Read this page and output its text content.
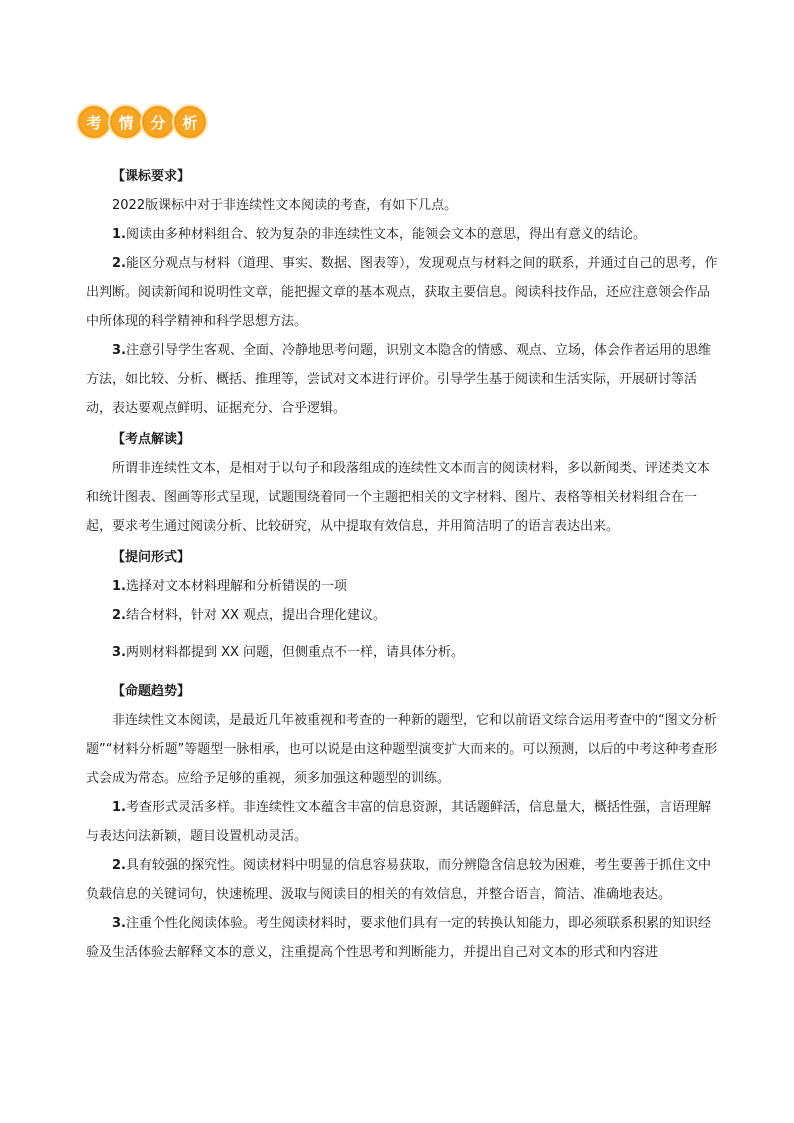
考	情	分	析

【课标要求】

2022版课标中对于非连续性文本阅读的考查，有如下几点。

1.阅读由多种材料组合、较为复杂的非连续性文本，能领会文本的意思，得出有意义的结论。

2.能区分观点与材料（道理、事实、数据、图表等），发现观点与材料之间的联系，并通过自己的思考，作出判断。阅读新闻和说明性文章，能把握文章的基本观点，获取主要信息。阅读科技作品，还应注意领会作品中所体现的科学精神和科学思想方法。

3.注意引导学生客观、全面、冷静地思考问题，识别文本隐含的情感、观点、立场，体会作者运用的思维方法，如比较、分析、概括、推理等，尝试对文本进行评价。引导学生基于阅读和生活实际，开展研讨等活动，表达要观点鲜明、证据充分、合乎逻辑。

【考点解读】

所谓非连续性文本，是相对于以句子和段落组成的连续性文本而言的阅读材料，多以新闻类、评述类文本和统计图表、图画等形式呈现，试题围绕着同一个主题把相关的文字材料、图片、表格等相关材料组合在一起，要求考生通过阅读分析、比较研究，从中提取有效信息，并用简洁明了的语言表达出来。

【提问形式】

1.选择对文本材料理解和分析错误的一项

2.结合材料，针对 XX 观点，提出合理化建议。

3.两则材料都提到 XX 问题，但侧重点不一样，请具体分析。

【命题趋势】

非连续性文本阅读，是最近几年被重视和考查的一种新的题型，它和以前语文综合运用考查中的“图文分析题”“材料分析题”等题型一脉相承，也可以说是由这种题型演变扩大而来的。可以预测，以后的中考这种考查形式会成为常态。应给予足够的重视，须多加强这种题型的训练。

1.考查形式灵活多样。非连续性文本蕴含丰富的信息资源，其话题鲜活，信息量大，概括性强，言语理解与表达问法新颖，题目设置机动灵活。

2.具有较强的探究性。阅读材料中明显的信息容易获取，而分辨隐含信息较为困难，考生要善于抓住文中负载信息的关键词句，快速梳理、汲取与阅读目的相关的有效信息，并整合语言，简洁、准确地表达。

3.注重个性化阅读体验。考生阅读材料时，要求他们具有一定的转换认知能力，即必须联系积累的知识经验及生活体验去解释文本的意义，注重提高个性思考和判断能力，并提出自己对文本的形式和内容进
